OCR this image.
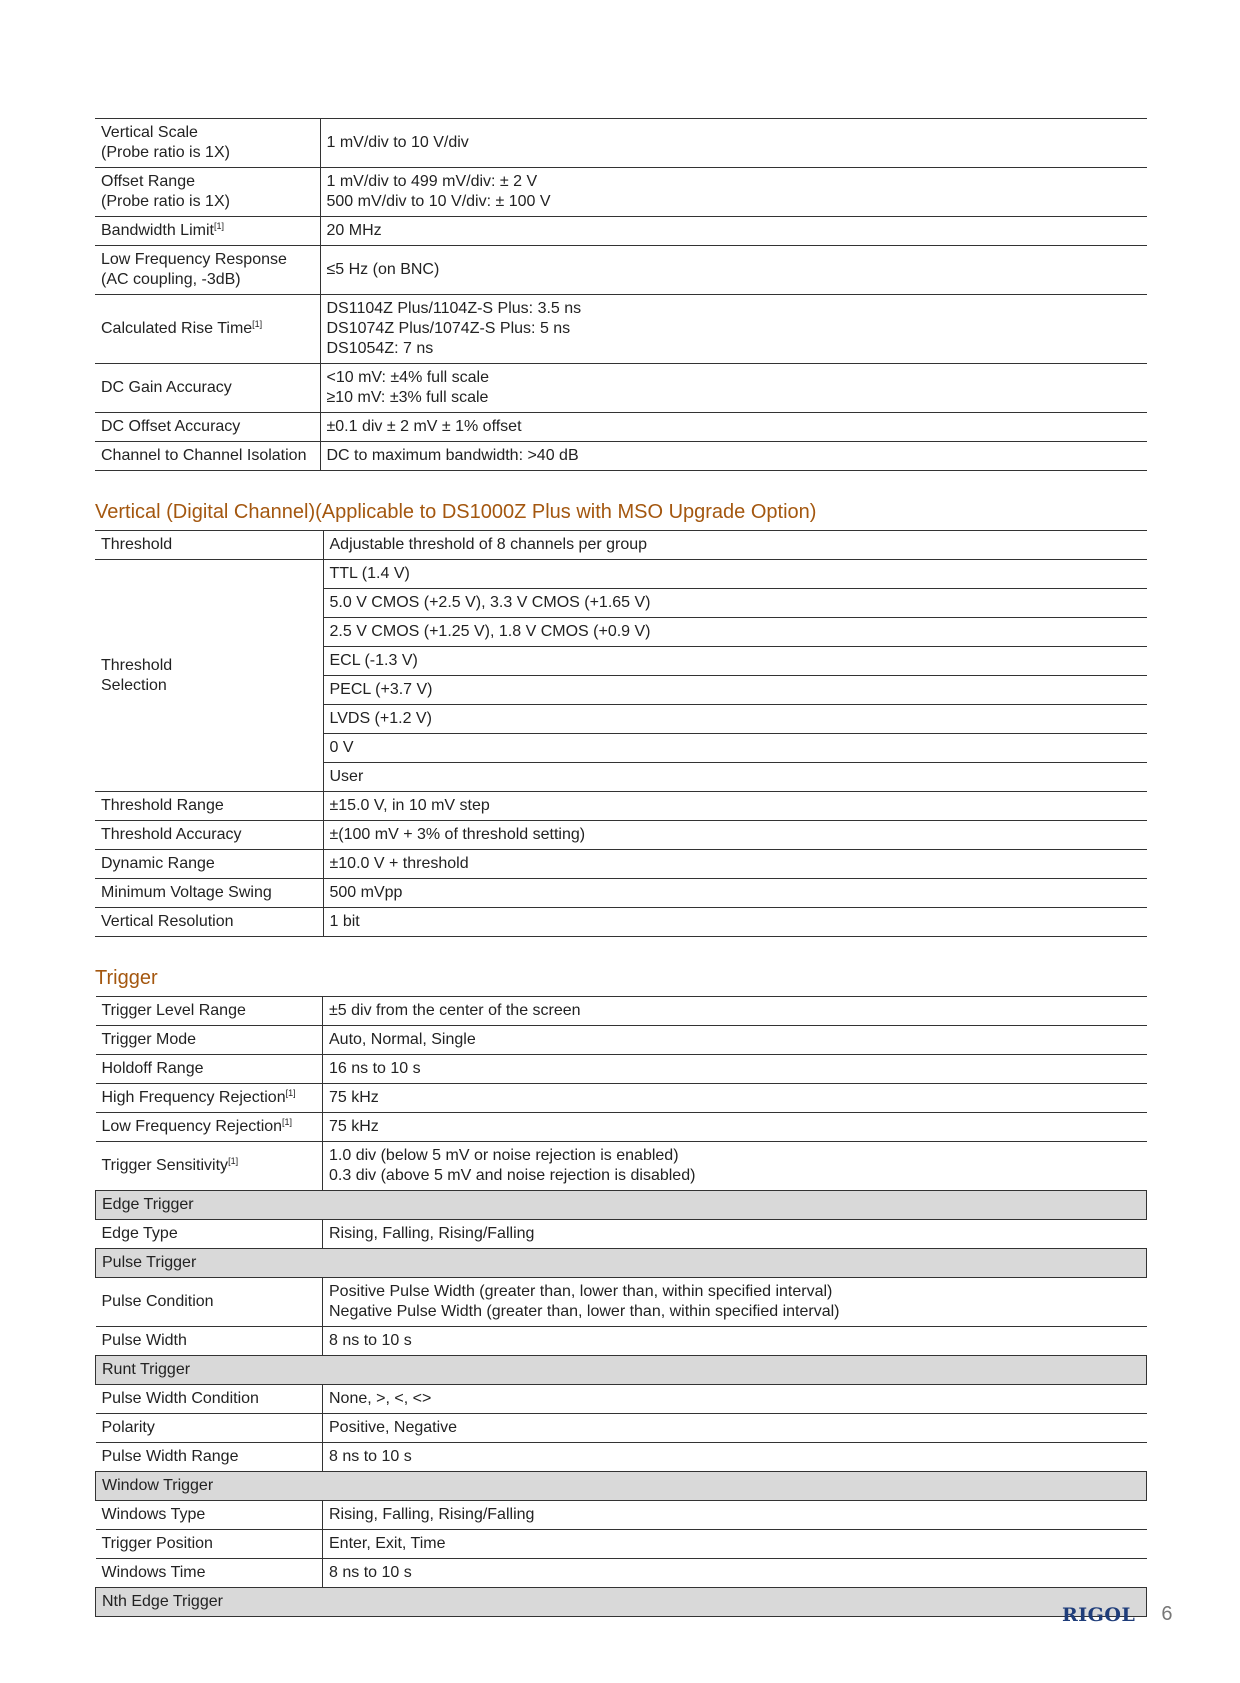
Vertical Scale
(Probe ratio is 1X)	1 mV/div to 10 V/div

Offset Range
(Probe ratio is 1X)	1 mV/div to 499 mV/div: ± 2 V
500 mV/div to 10 V/div: ± 100 V

Bandwidth Limit[1]	20 MHz

Low Frequency Response
(AC coupling, -3dB)	≤5 Hz (on BNC)

Calculated Rise Time[1]	DS1104Z Plus/1104Z-S Plus: 3.5 ns
DS1074Z Plus/1074Z-S Plus: 5 ns
DS1054Z: 7 ns

DC Gain Accuracy	<10 mV: ±4% full scale
≥10 mV: ±3% full scale

DC Offset Accuracy	±0.1 div ± 2 mV ± 1% offset

Channel to Channel Isolation	DC to maximum bandwidth: >40 dB
Vertical (Digital Channel)(Applicable to DS1000Z Plus with MSO Upgrade Option)
Threshold	Adjustable threshold of 8 channels per group

Threshold
Selection	TTL (1.4 V)
	5.0 V CMOS (+2.5 V), 3.3 V CMOS (+1.65 V)
	2.5 V CMOS (+1.25 V), 1.8 V CMOS (+0.9 V)
	ECL (-1.3 V)
	PECL (+3.7 V)
	LVDS (+1.2 V)
	0 V
	User

Threshold Range	±15.0 V, in 10 mV step

Threshold Accuracy	±(100 mV + 3% of threshold setting)

Dynamic Range	±10.0 V + threshold

Minimum Voltage Swing	500 mVpp

Vertical Resolution	1 bit
Trigger
Trigger Level Range	±5 div from the center of the screen

Trigger Mode	Auto, Normal, Single

Holdoff Range	16 ns to 10 s

High Frequency Rejection[1]	75 kHz

Low Frequency Rejection[1]	75 kHz

Trigger Sensitivity[1]	1.0 div (below 5 mV or noise rejection is enabled)
0.3 div (above 5 mV and noise rejection is disabled)

Edge Trigger	

Edge Type	Rising, Falling, Rising/Falling

Pulse Trigger	

Pulse Condition	Positive Pulse Width (greater than, lower than, within specified interval)
Negative Pulse Width (greater than, lower than, within specified interval)

Pulse Width	8 ns to 10 s

Runt Trigger	

Pulse Width Condition	None, >, <, <>

Polarity	Positive, Negative

Pulse Width Range	8 ns to 10 s

Window Trigger	

Windows Type	Rising, Falling, Rising/Falling

Trigger Position	Enter, Exit, Time

Windows Time	8 ns to 10 s

Nth Edge Trigger	
RIGOL 6
